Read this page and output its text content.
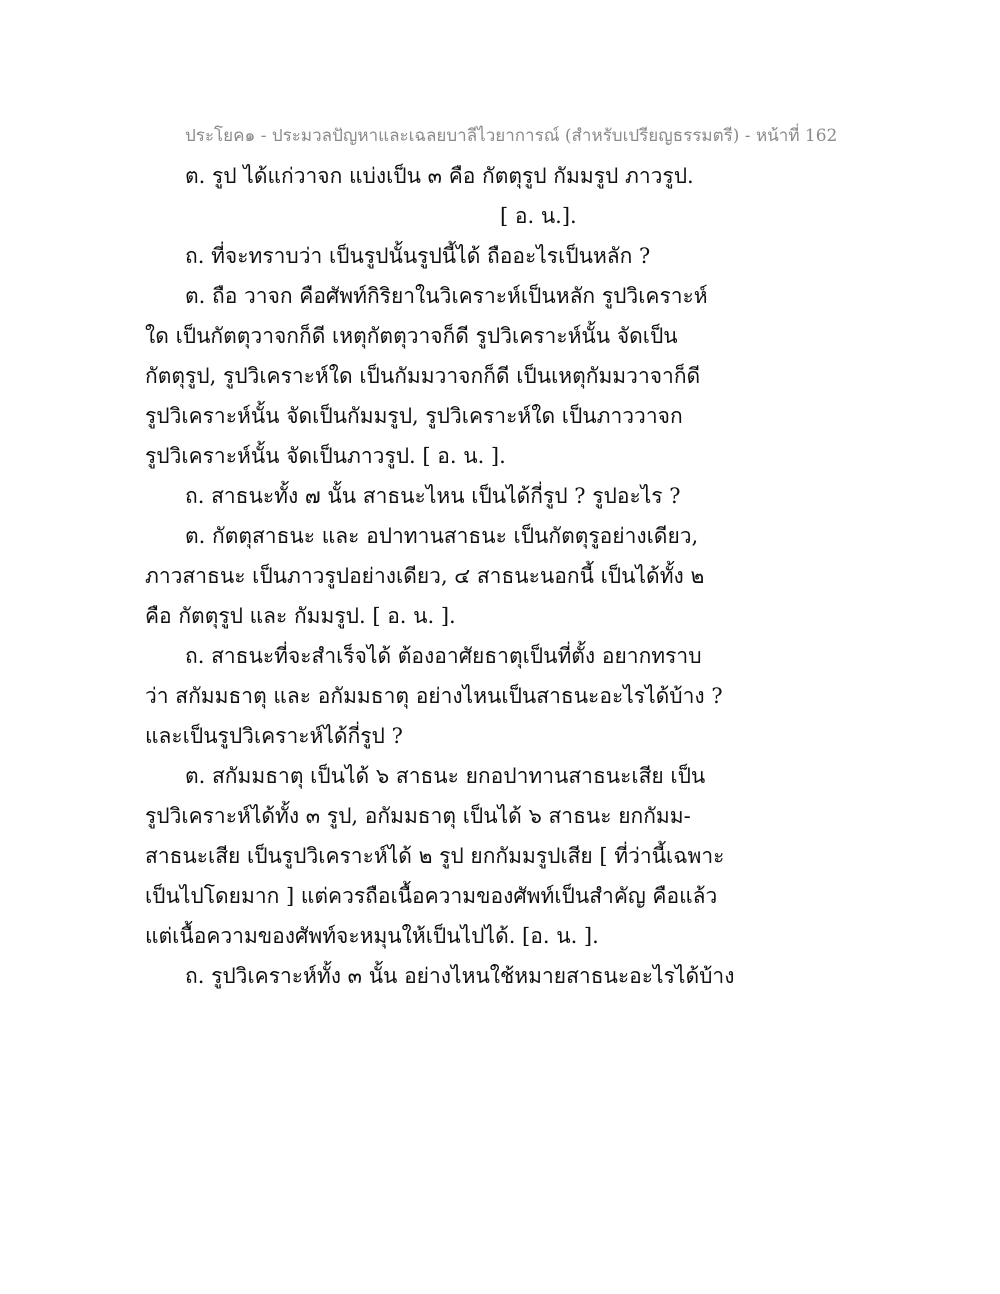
ประโยค๑ - ประมวลปัญหาและเฉลยบาลีไวยาการณ์ (สำหรับเปรียญธรรมตรี) - หน้าที่ 162
ต. รูป ได้แก่วาจก แบ่งเป็น ๓ คือ กัตตุรูป กัมมรูป ภาวรูป.
[ อ. น.].
ถ. ที่จะทราบว่า เป็นรูปนั้นรูปนี้ได้ ถืออะไรเป็นหลัก ?
ต. ถือ วาจก คือศัพท์กิริยาในวิเคราะห์เป็นหลัก รูปวิเคราะห์
ใด เป็นกัตตุวาจกก็ดี เหตุกัตตุวาจก็ดี รูปวิเคราะห์นั้น จัดเป็น
กัตตุรูป, รูปวิเคราะห์ใด เป็นกัมมวาจกก็ดี เป็นเหตุกัมมวาจาก็ดี
รูปวิเคราะห์นั้น จัดเป็นกัมมรูป, รูปวิเคราะห์ใด เป็นภาววาจก
รูปวิเคราะห์นั้น จัดเป็นภาวรูป. [ อ. น. ].
ถ. สาธนะทั้ง ๗ นั้น สาธนะไหน เป็นได้กี่รูป ? รูปอะไร ?
ต. กัตตุสาธนะ และ อปาทานสาธนะ เป็นกัตตุรูอย่างเดียว,
ภาวสาธนะ เป็นภาวรูปอย่างเดียว, ๔ สาธนะนอกนี้ เป็นได้ทั้ง ๒
คือ กัตตุรูป และ กัมมรูป. [ อ. น. ].
ถ. สาธนะที่จะสำเร็จได้ ต้องอาศัยธาตุเป็นที่ตั้ง อยากทราบ
ว่า สกัมมธาตุ และ อกัมมธาตุ อย่างไหนเป็นสาธนะอะไรได้บ้าง ?
และเป็นรูปวิเคราะห์ได้กี่รูป ?
ต. สกัมมธาตุ เป็นได้ ๖ สาธนะ ยกอปาทานสาธนะเสีย เป็น
รูปวิเคราะห์ได้ทั้ง ๓ รูป, อกัมมธาตุ เป็นได้ ๖ สาธนะ ยกกัมม-
สาธนะเสีย เป็นรูปวิเคราะห์ได้ ๒ รูป ยกกัมมรูปเสีย [ ที่ว่านี้เฉพาะ
เป็นไปโดยมาก ] แต่ควรถือเนื้อความของศัพท์เป็นสำคัญ คือแล้ว
แต่เนื้อความของศัพท์จะหมุนให้เป็นไปได้. [อ. น. ].
ถ. รูปวิเคราะห์ทั้ง ๓ นั้น อย่างไหนใช้หมายสาธนะอะไรได้บ้าง
